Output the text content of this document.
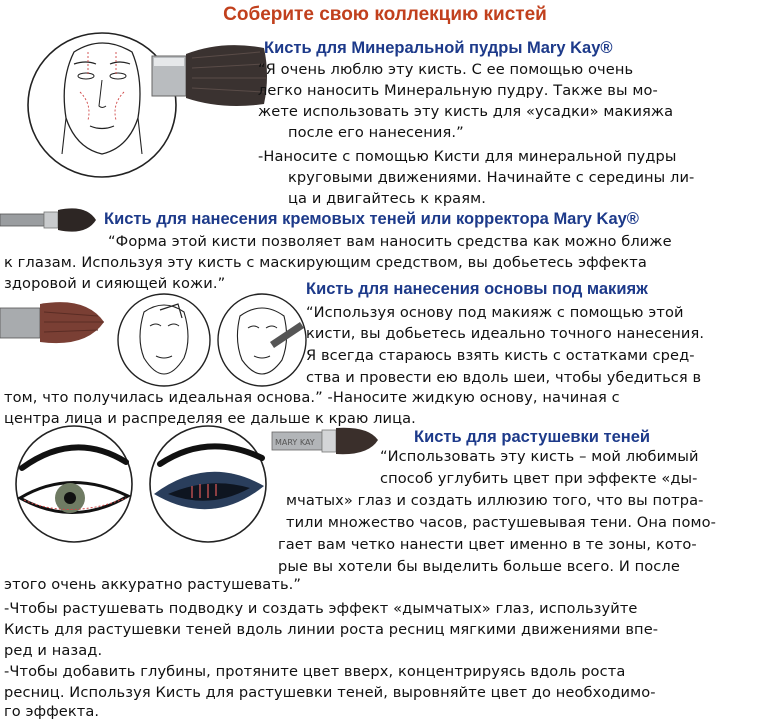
Соберите свою коллекцию кистей
MARY KAY
Кисть для Минеральной пудры Mary Kay®
“Я очень люблю эту кисть. С ее помощью очень
легко наносить Минеральную пудру. Также вы мо-
жете использовать эту кисть для «усадки» макияжа
после его нанесения.”
-Наносите с помощью Кисти для минеральной пудры
круговыми движениями. Начинайте с середины ли-
ца и двигайтесь к краям.
Кисть для нанесения кремовых теней или корректора Mary Kay®
“Форма этой кисти позволяет вам наносить средства как можно ближе
к глазам. Используя эту кисть с маскирующим средством, вы добьетесь эффекта
здоровой и сияющей кожи.”	Кисть для нанесения основы под макияж
“Используя основу под макияж с помощью этой
кисти, вы добьетесь идеально точного нанесения.
Я всегда стараюсь взять кисть с остатками сред-
ства и провести ею вдоль шеи, чтобы убедиться в
том, что получилась идеальная основа.” -Наносите жидкую основу, начиная с
центра лица и распределяя ее дальше к краю лица.
Кисть для растушевки теней
“Использовать эту кисть – мой любимый
способ углубить цвет при эффекте «ды-
мчатых» глаз и создать иллюзию того, что вы потра-
тили множество часов, растушевывая тени. Она помо-
гает вам четко нанести цвет именно в те зоны, кото-
рые вы хотели бы выделить больше всего. И после
этого очень аккуратно растушевать.”
-Чтобы растушевать подводку и создать эффект «дымчатых» глаз, используйте
Кисть для растушевки теней вдоль линии роста ресниц мягкими движениями впе-
ред и назад.
-Чтобы добавить глубины, протяните цвет вверх, концентрируясь вдоль роста
ресниц. Используя Кисть для растушевки теней, выровняйте цвет до необходимо-
го эффекта.
